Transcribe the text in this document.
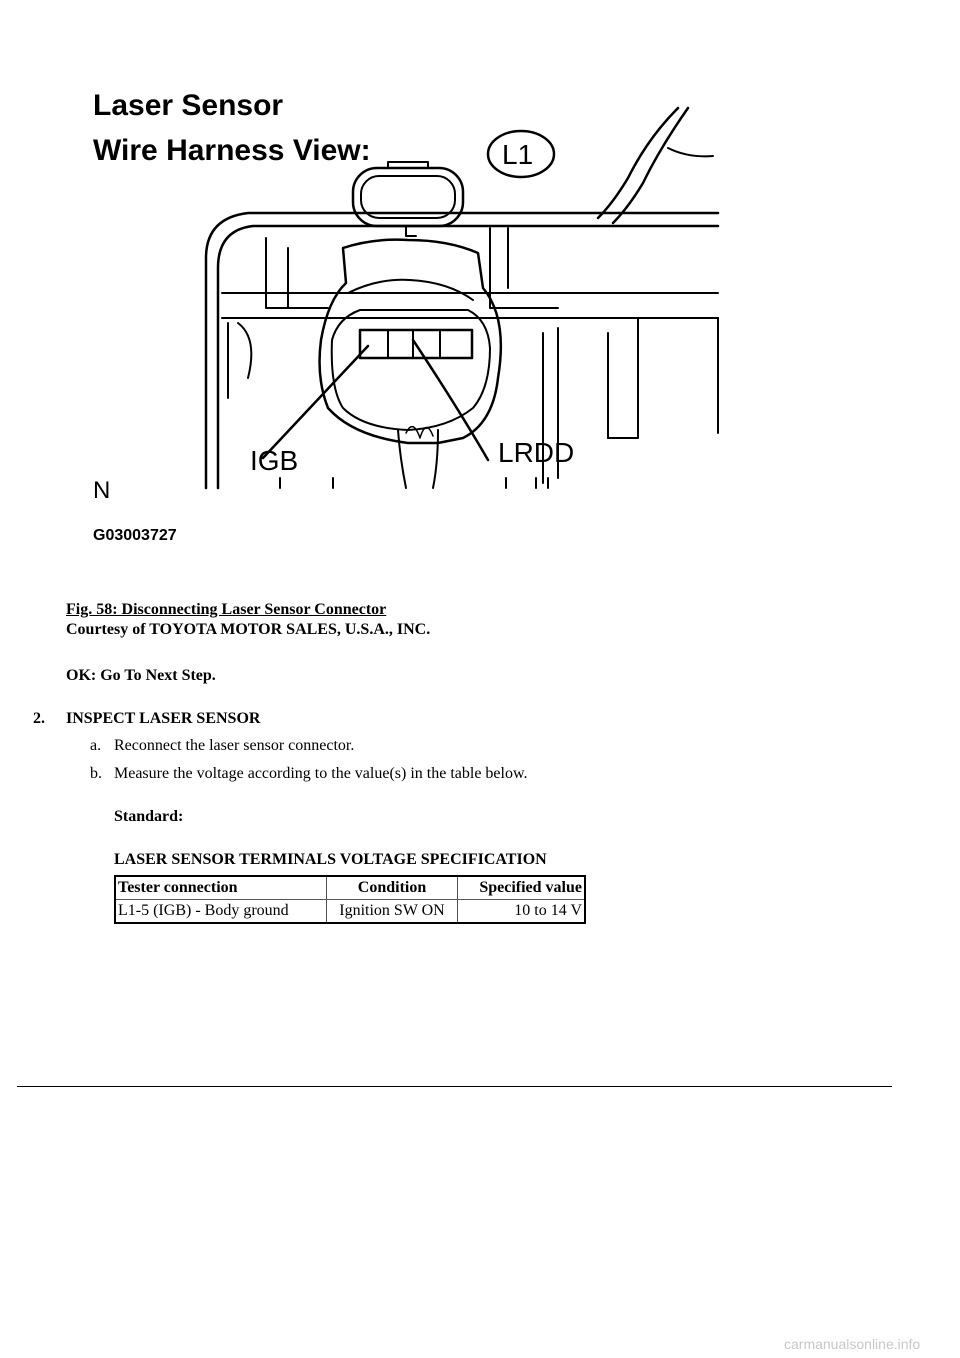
Laser Sensor
Wire Harness View:	L1
IGB	LRDD
N
G03003727
Fig. 58: Disconnecting Laser Sensor Connector
Courtesy of TOYOTA MOTOR SALES, U.S.A., INC.
OK: Go To Next Step.
2. INSPECT LASER SENSOR
a. Reconnect the laser sensor connector.
b. Measure the voltage according to the value(s) in the table below.
Standard:
LASER SENSOR TERMINALS VOLTAGE SPECIFICATION
Tester connection	Condition	Specified value
L1-5 (IGB) - Body ground	Ignition SW ON	10 to 14 V
carmanualsonline.info
